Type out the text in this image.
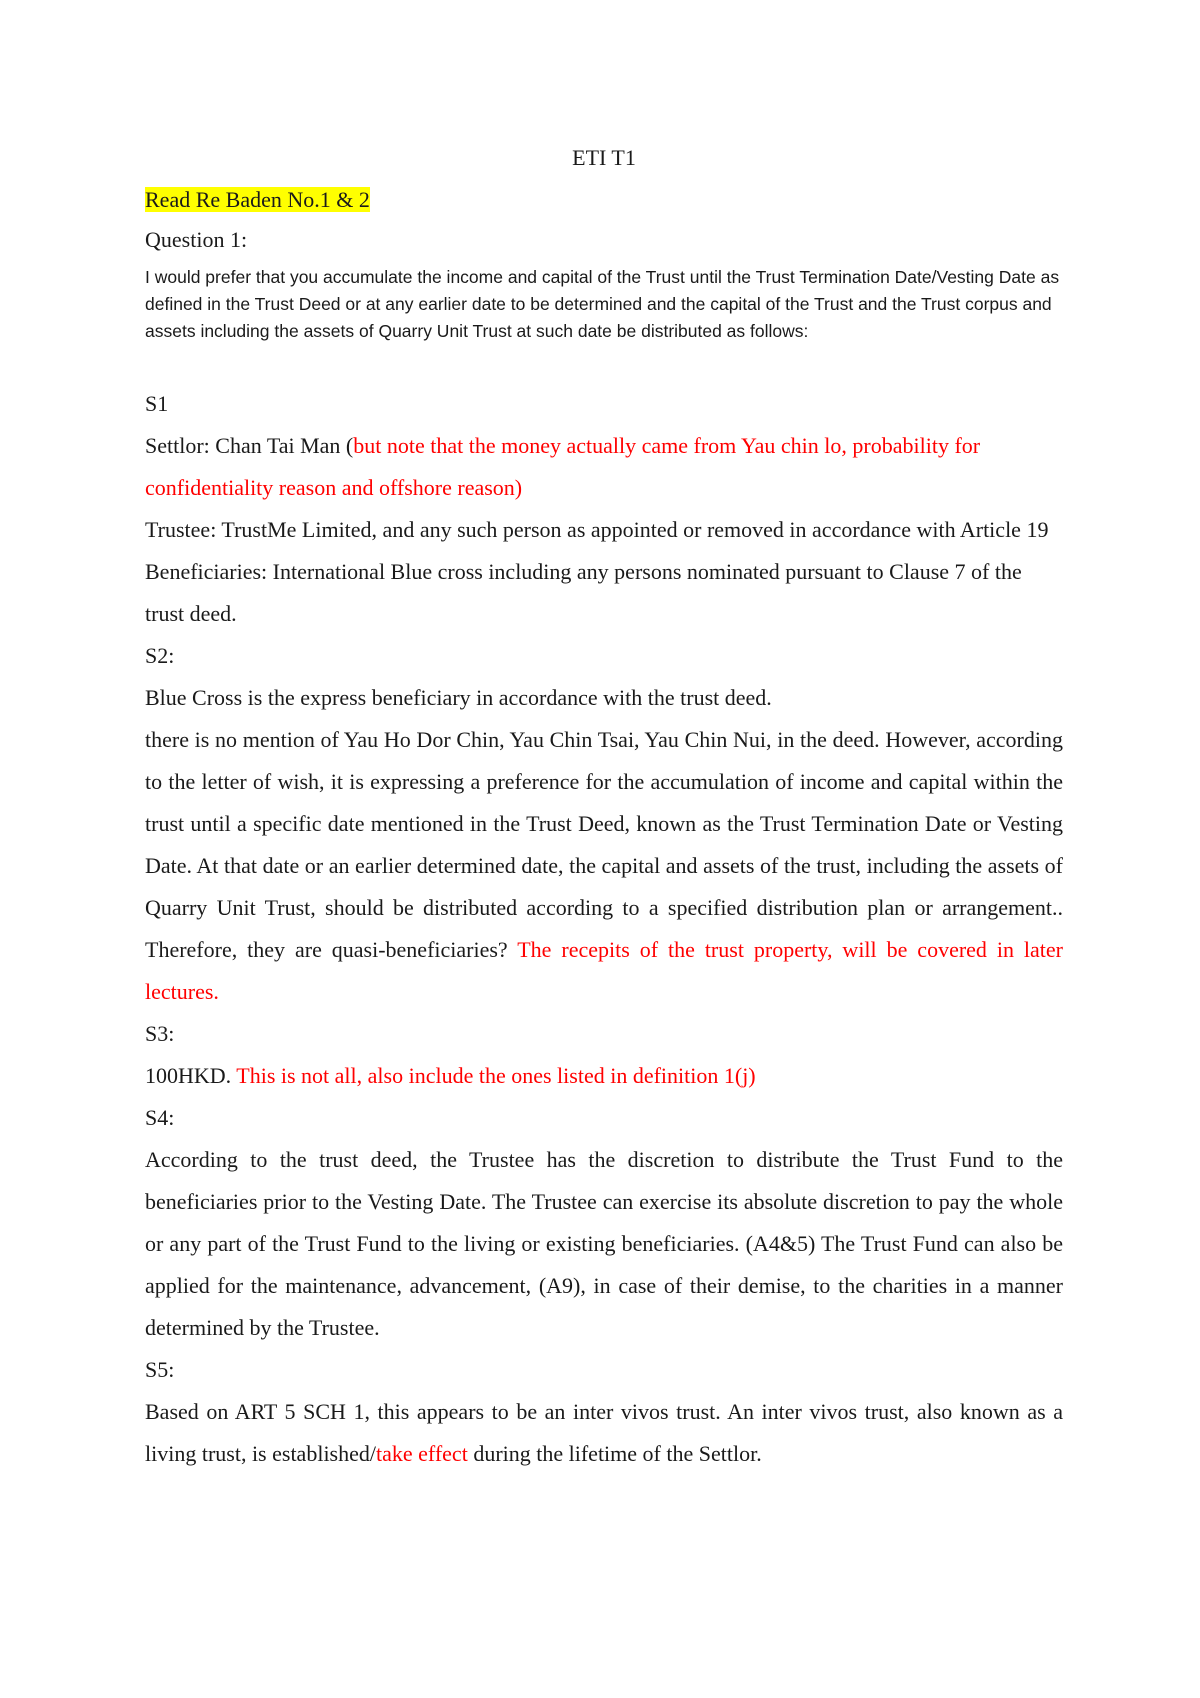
ETI T1

Read Re Baden No.1 & 2

Question 1:

I would prefer that you accumulate the income and capital of the Trust until the Trust Termination Date/Vesting Date as defined in the Trust Deed or at any earlier date to be determined and the capital of the Trust and the Trust corpus and assets including the assets of Quarry Unit Trust at such date be distributed as follows:

S1

Settlor: Chan Tai Man (but note that the money actually came from Yau chin lo, probability for confidentiality reason and offshore reason)

Trustee: TrustMe Limited, and any such person as appointed or removed in accordance with Article 19

Beneficiaries: International Blue cross including any persons nominated pursuant to Clause 7 of the trust deed.

S2:

Blue Cross is the express beneficiary in accordance with the trust deed.

there is no mention of Yau Ho Dor Chin, Yau Chin Tsai, Yau Chin Nui, in the deed. However, according to the letter of wish, it is expressing a preference for the accumulation of income and capital within the trust until a specific date mentioned in the Trust Deed, known as the Trust Termination Date or Vesting Date. At that date or an earlier determined date, the capital and assets of the trust, including the assets of Quarry Unit Trust, should be distributed according to a specified distribution plan or arrangement.. Therefore, they are quasi-beneficiaries? The recepits of the trust property, will be covered in later lectures.

S3:

100HKD. This is not all, also include the ones listed in definition 1(j)

S4:

According to the trust deed, the Trustee has the discretion to distribute the Trust Fund to the beneficiaries prior to the Vesting Date. The Trustee can exercise its absolute discretion to pay the whole or any part of the Trust Fund to the living or existing beneficiaries. (A4&5) The Trust Fund can also be applied for the maintenance, advancement, (A9), in case of their demise, to the charities in a manner determined by the Trustee.

S5:

Based on ART 5 SCH 1, this appears to be an inter vivos trust. An inter vivos trust, also known as a living trust, is established/take effect during the lifetime of the Settlor.
